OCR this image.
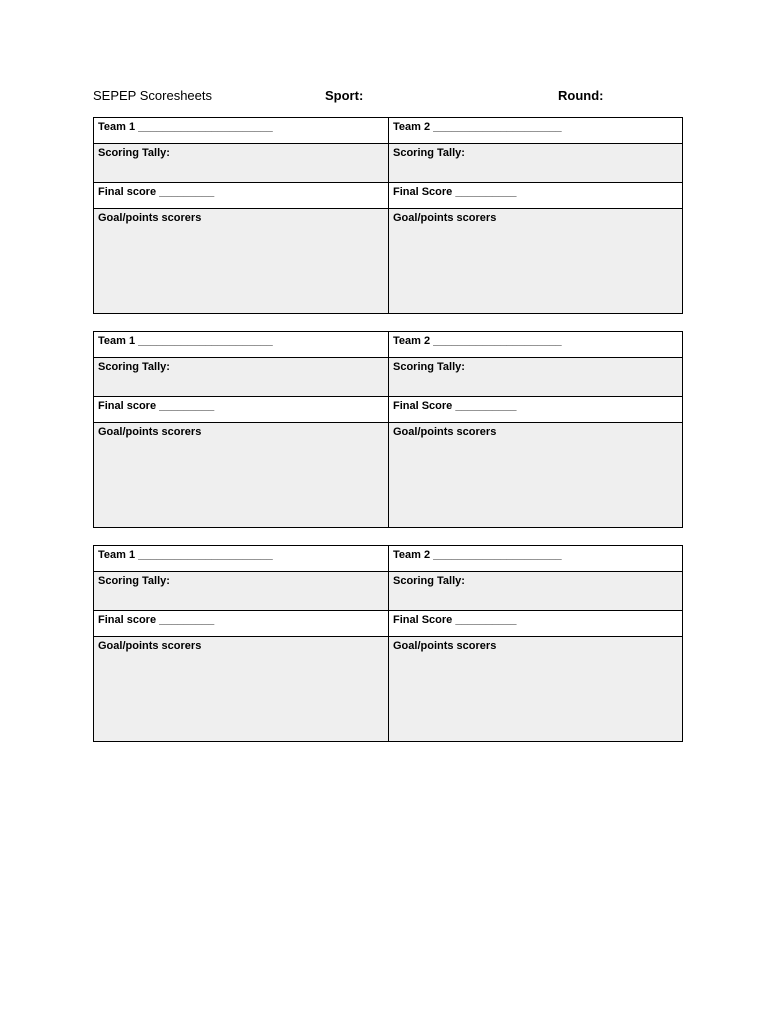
SEPEP Scoresheets	Sport:	Round:
Team 1 ______________________	Team 2 _____________________
Scoring Tally:	Scoring Tally:
Final score _________	Final Score __________
Goal/points scorers	Goal/points scorers
Team 1 ______________________	Team 2 _____________________
Scoring Tally:	Scoring Tally:
Final score _________	Final Score __________
Goal/points scorers	Goal/points scorers
Team 1 ______________________	Team 2 _____________________
Scoring Tally:	Scoring Tally:
Final score _________	Final Score __________
Goal/points scorers	Goal/points scorers
